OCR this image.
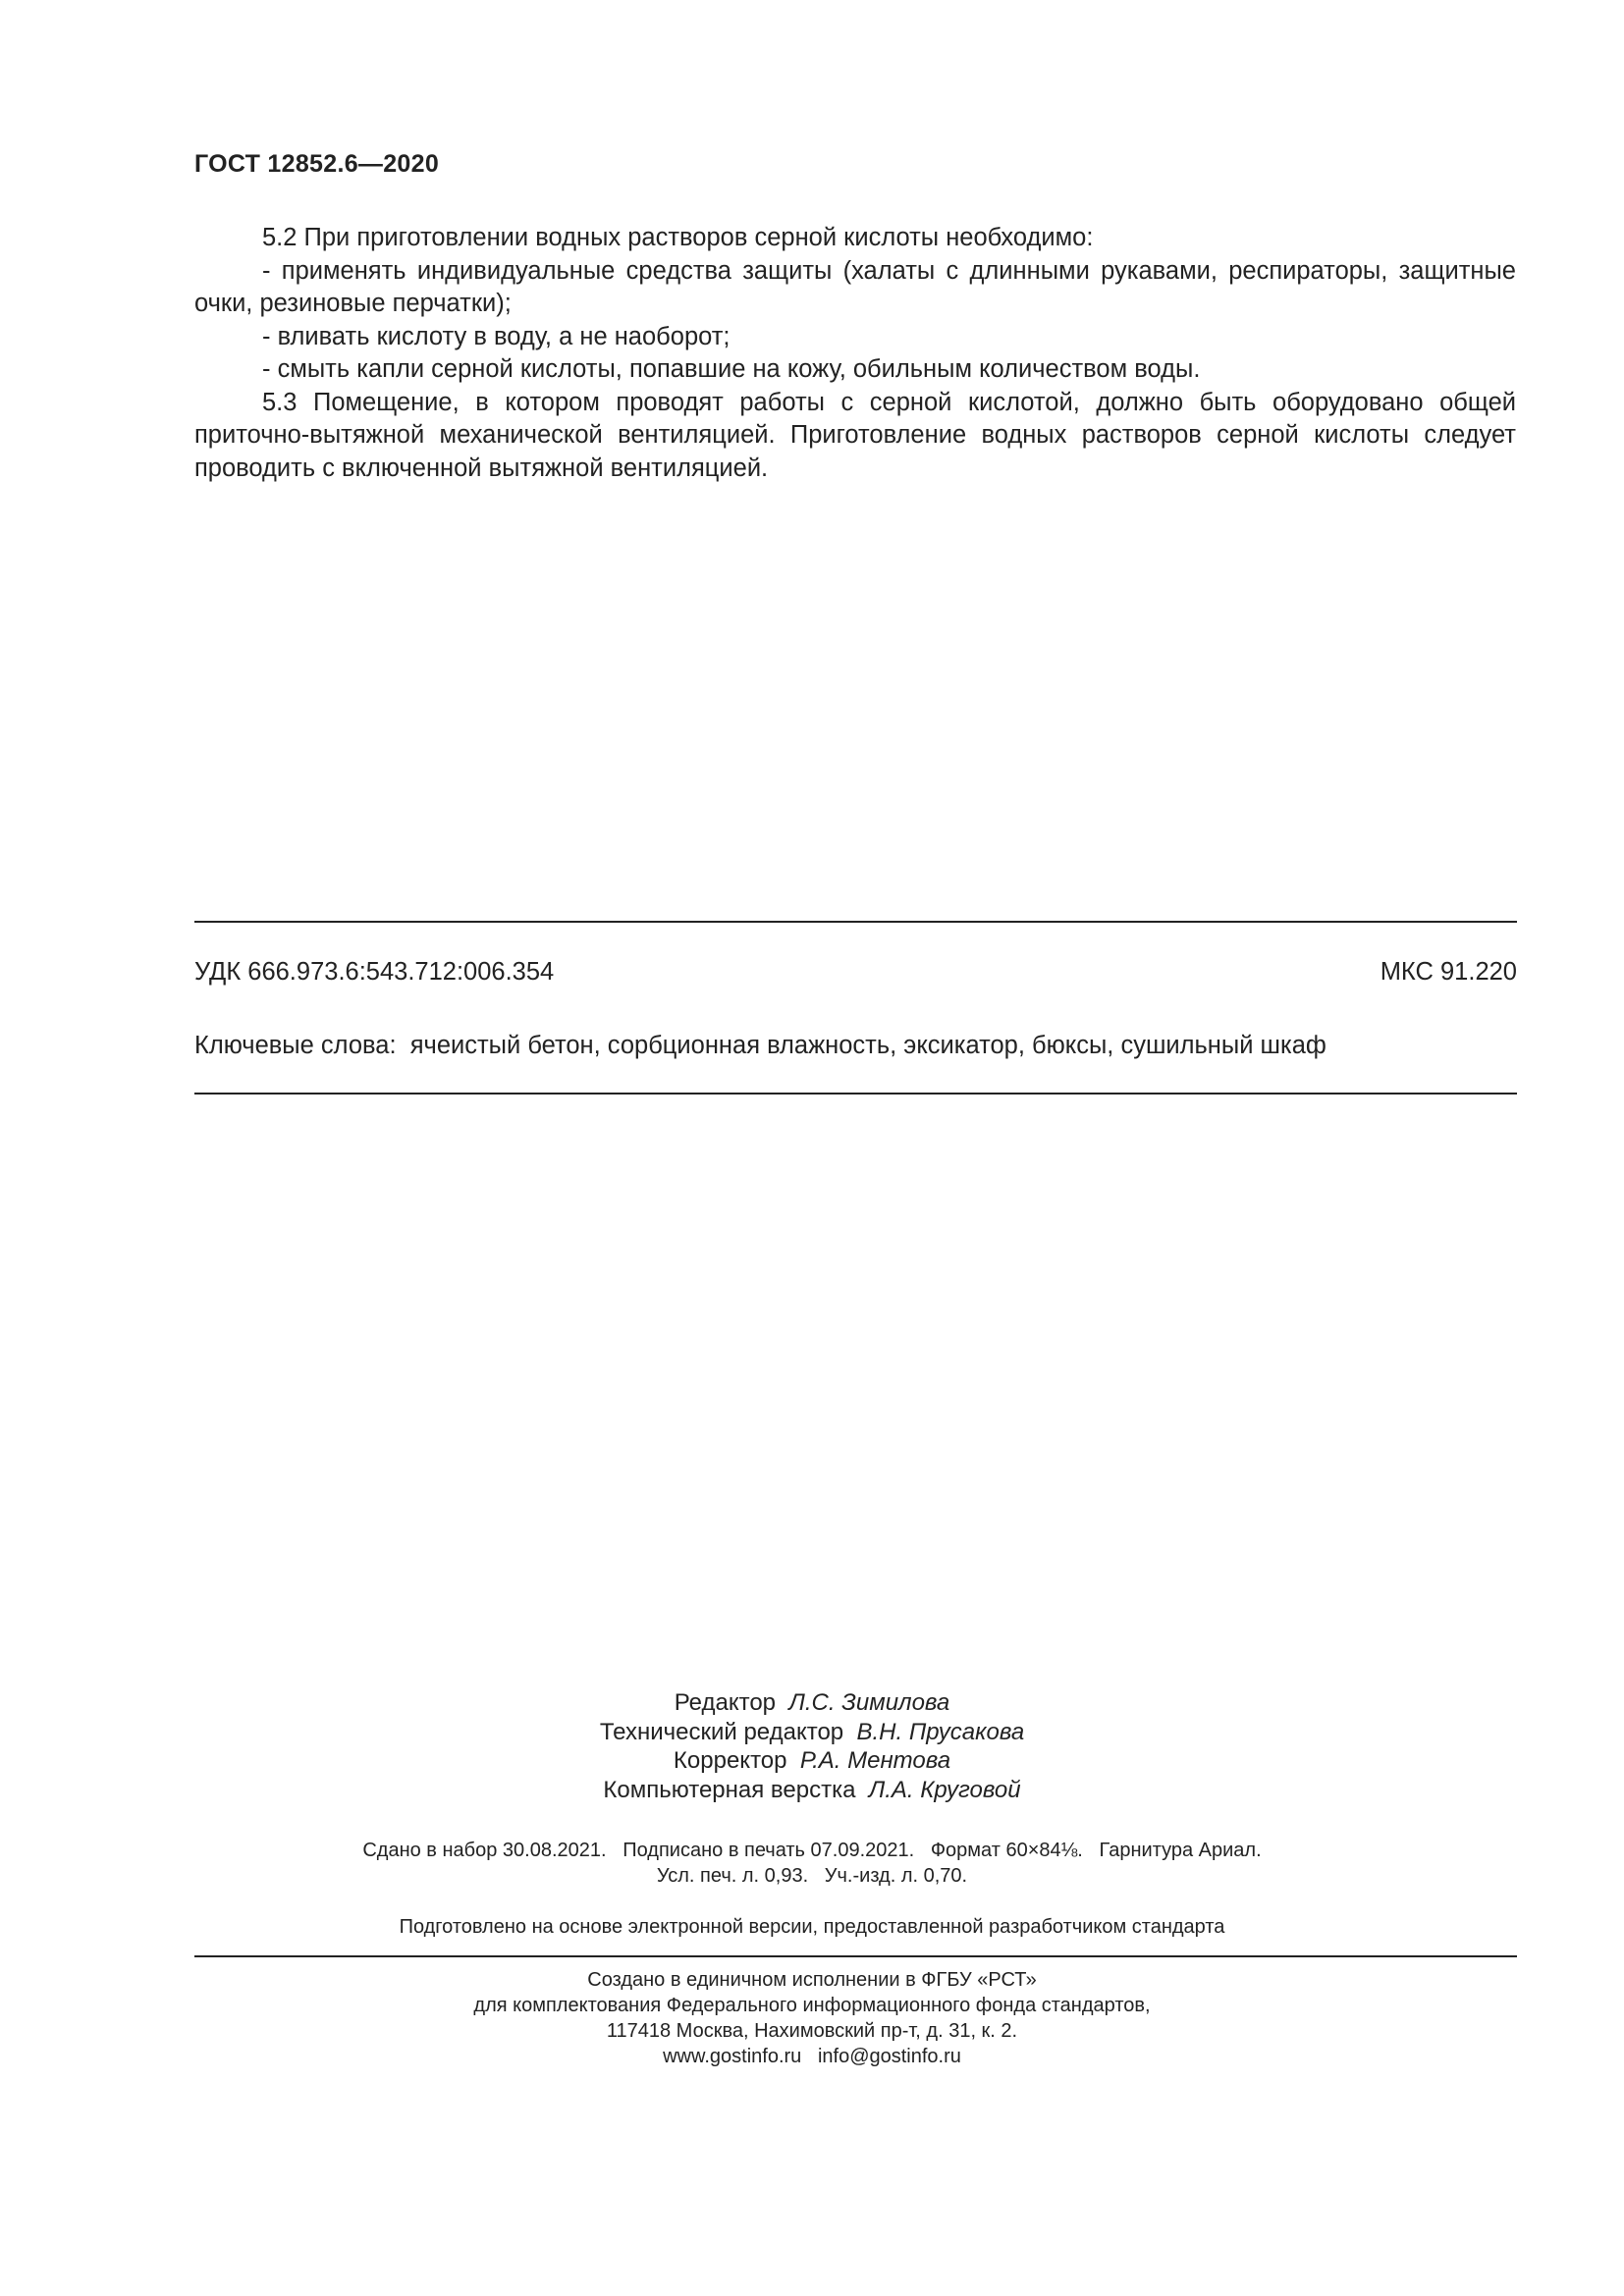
ГОСТ 12852.6—2020

5.2 При приготовлении водных растворов серной кислоты необходимо:

- применять индивидуальные средства защиты (халаты с длинными рукавами, респираторы, защитные очки, резиновые перчатки);

- вливать кислоту в воду, а не наоборот;

- смыть капли серной кислоты, попавшие на кожу, обильным количеством воды.

5.3 Помещение, в котором проводят работы с серной кислотой, должно быть оборудовано общей приточно-вытяжной механической вентиляцией. Приготовление водных растворов серной кислоты следует проводить с включенной вытяжной вентиляцией.

УДК 666.973.6:543.712:006.354	МКС 91.220
Ключевые слова: ячеистый бетон, сорбционная влажность, эксикатор, бюксы, сушильный шкаф
Редактор Л.С. Зимилова
Технический редактор В.Н. Прусакова
Корректор Р.А. Ментова
Компьютерная верстка Л.А. Круговой
Сдано в набор 30.08.2021.   Подписано в печать 07.09.2021.   Формат 60×84⅛.   Гарнитура Ариал.
Усл. печ. л. 0,93.   Уч.-изд. л. 0,70.
Подготовлено на основе электронной версии, предоставленной разработчиком стандарта
Создано в единичном исполнении в ФГБУ «РСТ»
для комплектования Федерального информационного фонда стандартов,
117418 Москва, Нахимовский пр-т, д. 31, к. 2.
www.gostinfo.ru   info@gostinfo.ru
